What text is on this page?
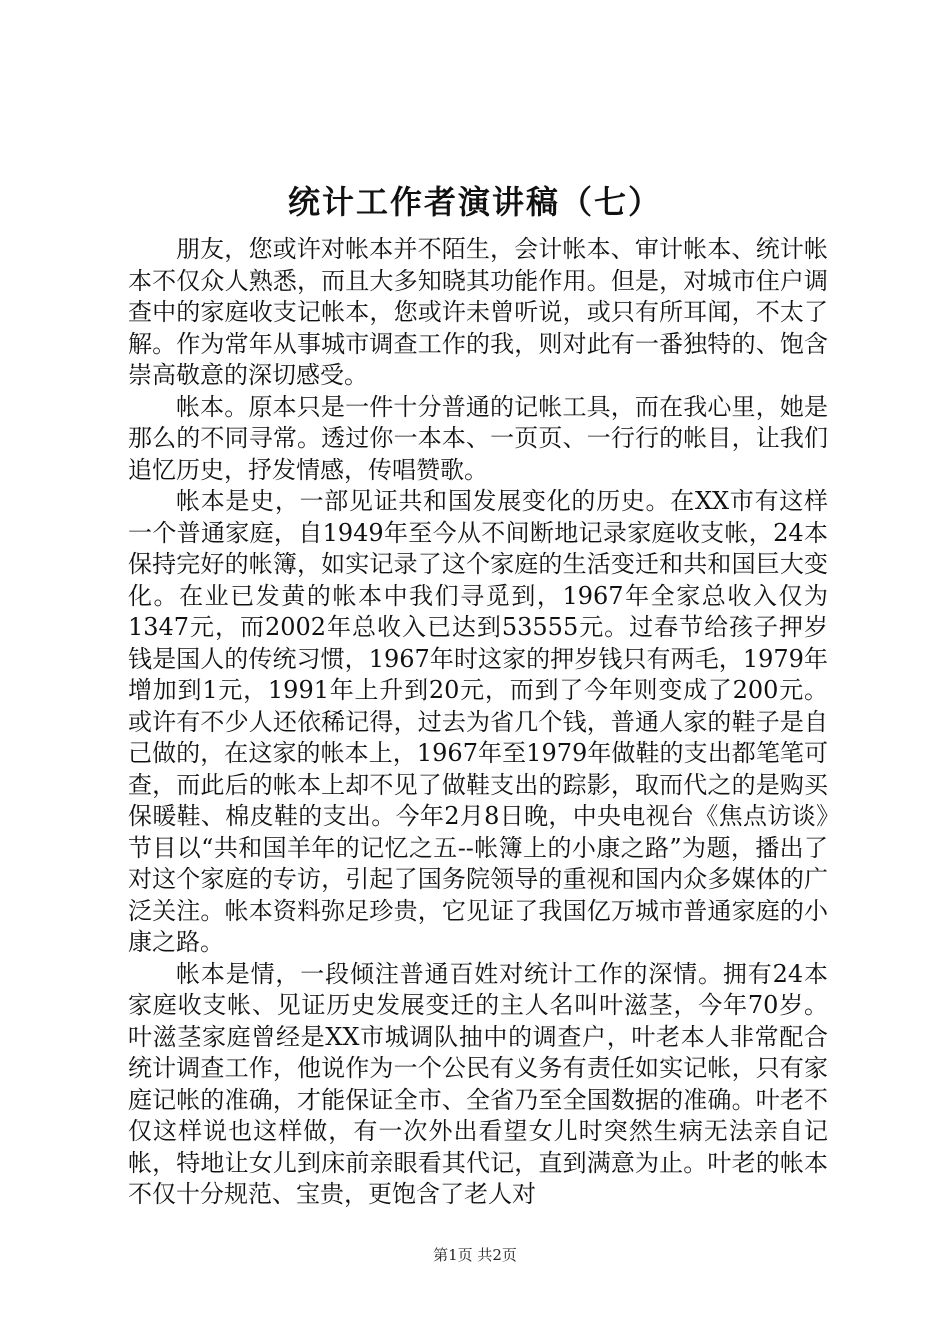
统计工作者演讲稿（七）

朋友，您或许对帐本并不陌生，会计帐本、审计帐本、统计帐本不仅众人熟悉，而且大多知晓其功能作用。但是，对城市住户调查中的家庭收支记帐本，您或许未曾听说，或只有所耳闻，不太了解。作为常年从事城市调查工作的我，则对此有一番独特的、饱含崇高敬意的深切感受。

帐本。原本只是一件十分普通的记帐工具，而在我心里，她是那么的不同寻常。透过你一本本、一页页、一行行的帐目，让我们追忆历史，抒发情感，传唱赞歌。

帐本是史，一部见证共和国发展变化的历史。在XX市有这样一个普通家庭，自1949年至今从不间断地记录家庭收支帐，24本保持完好的帐簿，如实记录了这个家庭的生活变迁和共和国巨大变化。在业已发黄的帐本中我们寻觅到，1967年全家总收入仅为1347元，而2002年总收入已达到53555元。过春节给孩子押岁钱是国人的传统习惯，1967年时这家的押岁钱只有两毛，1979年增加到1元，1991年上升到20元，而到了今年则变成了200元。或许有不少人还依稀记得，过去为省几个钱，普通人家的鞋子是自己做的，在这家的帐本上，1967年至1979年做鞋的支出都笔笔可查，而此后的帐本上却不见了做鞋支出的踪影，取而代之的是购买保暖鞋、棉皮鞋的支出。今年2月8日晚，中央电视台《焦点访谈》节目以“共和国羊年的记忆之五--帐簿上的小康之路”为题，播出了对这个家庭的专访，引起了国务院领导的重视和国内众多媒体的广泛关注。帐本资料弥足珍贵，它见证了我国亿万城市普通家庭的小康之路。

帐本是情，一段倾注普通百姓对统计工作的深情。拥有24本家庭收支帐、见证历史发展变迁的主人名叫叶滋茎，今年70岁。叶滋茎家庭曾经是XX市城调队抽中的调查户，叶老本人非常配合统计调查工作，他说作为一个公民有义务有责任如实记帐，只有家庭记帐的准确，才能保证全市、全省乃至全国数据的准确。叶老不仅这样说也这样做，有一次外出看望女儿时突然生病无法亲自记帐，特地让女儿到床前亲眼看其代记，直到满意为止。叶老的帐本不仅十分规范、宝贵，更饱含了老人对

第1页 共2页
